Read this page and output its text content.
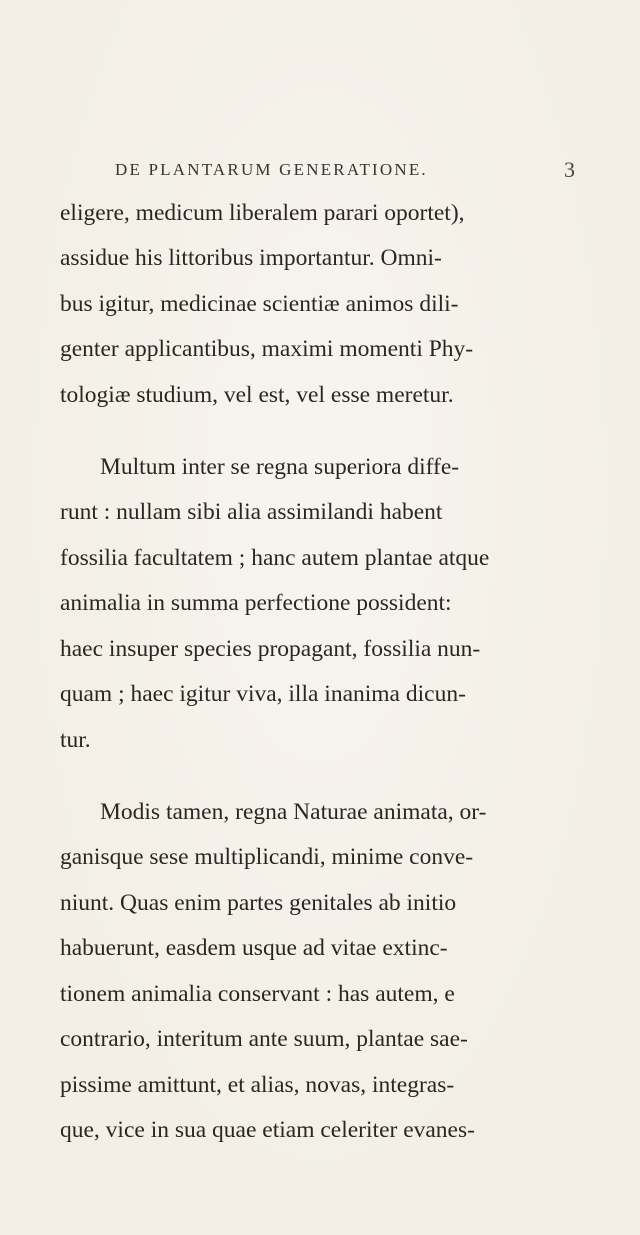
DE PLANTARUM GENERATIONE.	3
eligere, medicum liberalem parari oportet),
assidue his littoribus importantur. Omni-
bus igitur, medicinae scientiæ animos dili-
genter applicantibus, maximi momenti Phy-
tologiæ studium, vel est, vel esse meretur.
Multum inter se regna superiora diffe-
runt : nullam sibi alia assimilandi habent
fossilia facultatem ; hanc autem plantae atque
animalia in summa perfectione possident:
haec insuper species propagant, fossilia nun-
quam ; haec igitur viva, illa inanima dicun-
tur.
Modis tamen, regna Naturae animata, or-
ganisque sese multiplicandi, minime conve-
niunt. Quas enim partes genitales ab initio
habuerunt, easdem usque ad vitae extinc-
tionem animalia conservant : has autem, e
contrario, interitum ante suum, plantae sae-
pissime amittunt, et alias, novas, integras-
que, vice in sua quae etiam celeriter evanes-
